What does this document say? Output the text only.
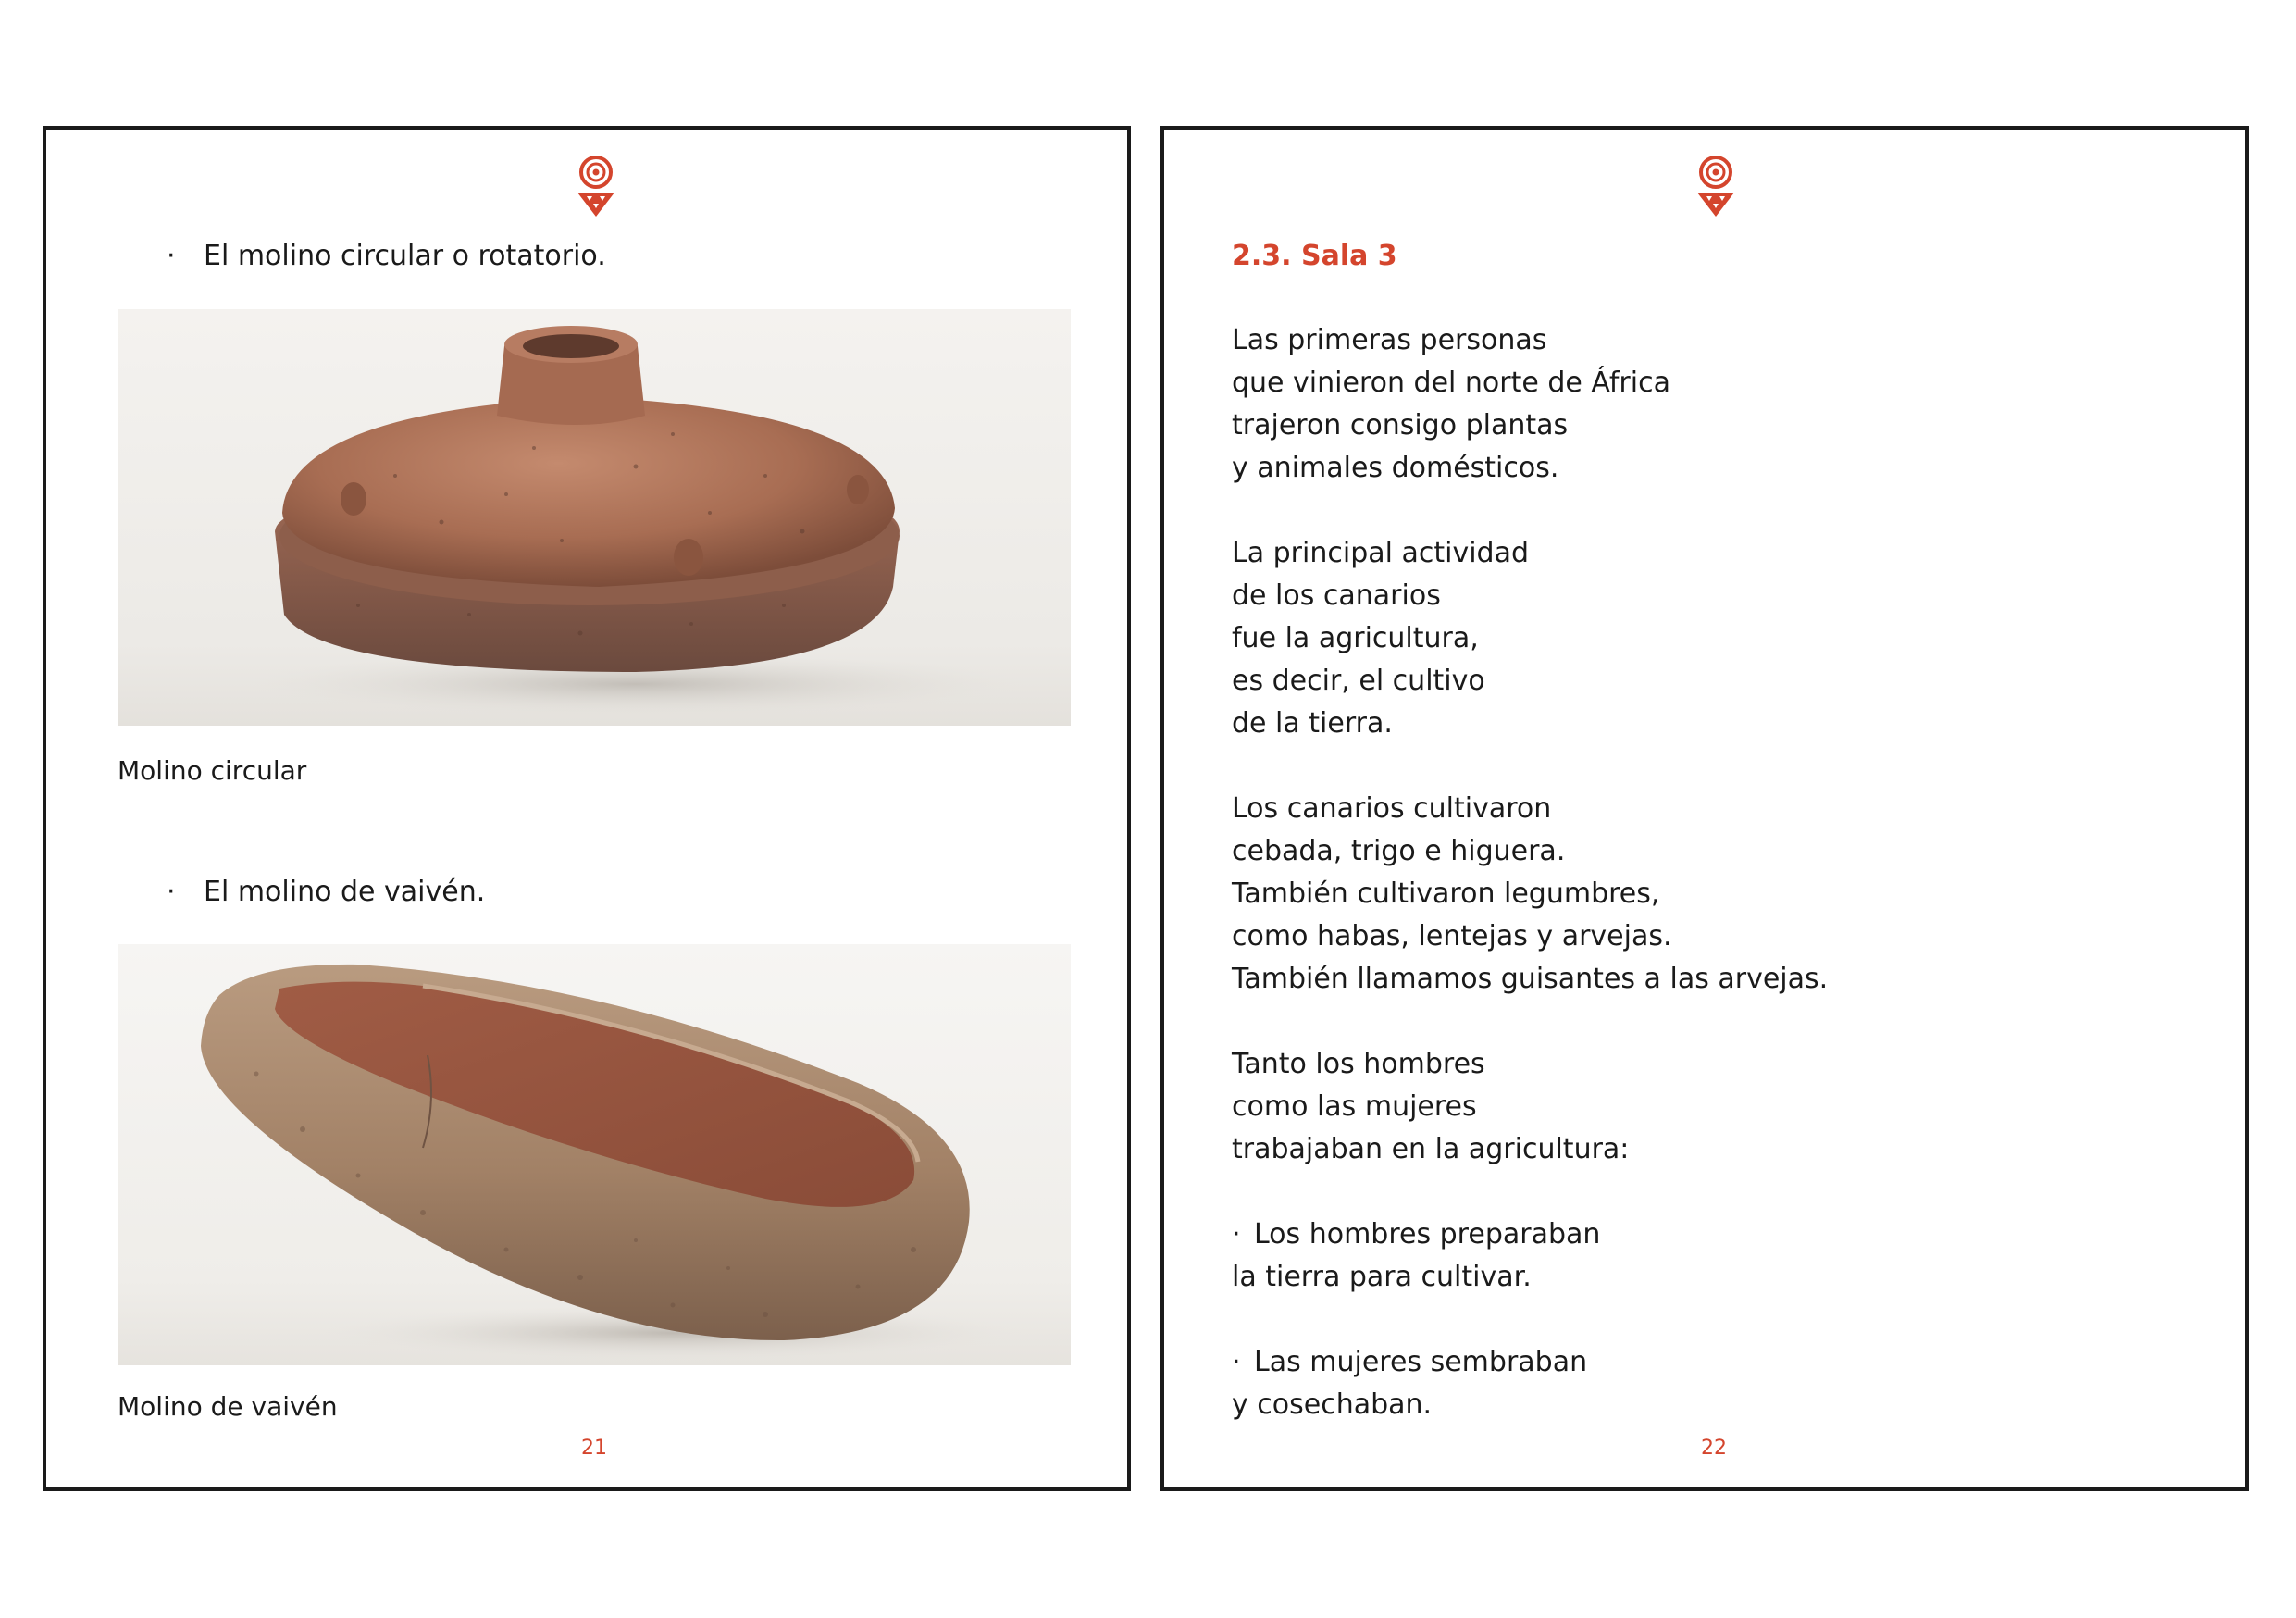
· El molino circular o rotatorio.
Molino circular
· El molino de vaivén.
Molino de vaivén
21
2.3. Sala 3

Las primeras personas
que vinieron del norte de África
trajeron consigo plantas
y animales domésticos.

La principal actividad
de los canarios
fue la agricultura,
es decir, el cultivo
de la tierra.

Los canarios cultivaron
cebada, trigo e higuera.
También cultivaron legumbres,
como habas, lentejas y arvejas.
También llamamos guisantes a las arvejas.

Tanto los hombres
como las mujeres
trabajaban en la agricultura:

· Los hombres preparaban
la tierra para cultivar.

· Las mujeres sembraban
y cosechaban.

22
